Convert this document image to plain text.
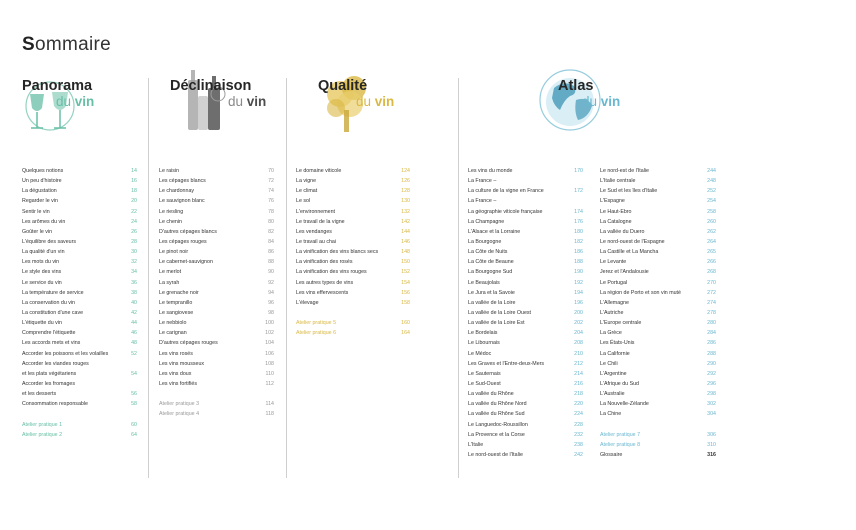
Sommaire
Panorama
du vin
Déclinaison
du vin
Qualité
du vin
Atlas
du vin
Quelques notions	14
Un peu d'histoire	16
La dégustation	18
Regarder le vin	20
Sentir le vin	22
Les arômes du vin	24
Goûter le vin	26
L'équilibre des saveurs	28
La qualité d'un vin	30
Les mots du vin	32
Le style des vins	34
Le service du vin	36
La température de service	38
La conservation du vin	40
La constitution d'une cave	42
L'étiquette du vin	44
Comprendre l'étiquette	46
Les accords mets et vins	48
Accorder les poissons et les volailles	52
Accorder les viandes rouges
et les plats végétariens	54
Accorder les fromages
et les desserts	56
Consommation responsable	58
Atelier pratique 1	60
Atelier pratique 2	64
Le raisin	70
Les cépages blancs	72
Le chardonnay	74
Le sauvignon blanc	76
Le riesling	78
Le chenin	80
D'autres cépages blancs	82
Les cépages rouges	84
Le pinot noir	86
Le cabernet-sauvignon	88
Le merlot	90
La syrah	92
Le grenache noir	94
Le tempranillo	96
Le sangiovese	98
Le nebbiolo	100
Le carignan	102
D'autres cépages rouges	104
Les vins rosés	106
Les vins mousseux	108
Les vins doux	110
Les vins fortifiés	112
Atelier pratique 3	114
Atelier pratique 4	118
Le domaine viticole	124
La vigne	126
Le climat	128
Le sol	130
L'environnement	132
Le travail de la vigne	142
Les vendanges	144
Le travail au chai	146
La vinification des vins blancs secs	148
La vinification des rosés	150
La vinification des vins rouges	152
Les autres types de vins	154
Les vins effervescents	156
L'élevage	158
Atelier pratique 5	160
Atelier pratique 6	164
Les vins du monde	170
La France –
La culture de la vigne en France	172
La France –
La géographie viticole française	174
La Champagne	176
L'Alsace et la Lorraine	180
La Bourgogne	182
La Côte de Nuits	186
La Côte de Beaune	188
La Bourgogne Sud	190
Le Beaujolais	192
Le Jura et la Savoie	194
La vallée de la Loire	196
La vallée de la Loire Ouest	200
La vallée de la Loire Est	202
Le Bordelais	204
Le Libournais	208
Le Médoc	210
Les Graves et l'Entre-deux-Mers	212
Le Sauternais	214
Le Sud-Ouest	216
La vallée du Rhône	218
La vallée du Rhône Nord	220
La vallée du Rhône Sud	224
Le Languedoc-Roussillon	228
La Provence et la Corse	232
L'Italie	238
Le nord-ouest de l'Italie	242
Le nord-est de l'Italie	244
L'Italie centrale	248
Le Sud et les îles d'Italie	252
L'Espagne	254
Le Haut-Ebro	258
La Catalogne	260
La vallée du Duero	262
Le nord-ouest de l'Espagne	264
La Castille et La Mancha	265
Le Levante	266
Jerez et l'Andalousie	268
Le Portugal	270
La région de Porto et son vin muté	272
L'Allemagne	274
L'Autriche	278
L'Europe centrale	280
La Grèce	284
Les États-Unis	286
La Californie	288
Le Chili	290
L'Argentine	292
L'Afrique du Sud	296
L'Australie	298
La Nouvelle-Zélande	302
La Chine	304
Atelier pratique 7	306
Atelier pratique 8	310
Glossaire	316
